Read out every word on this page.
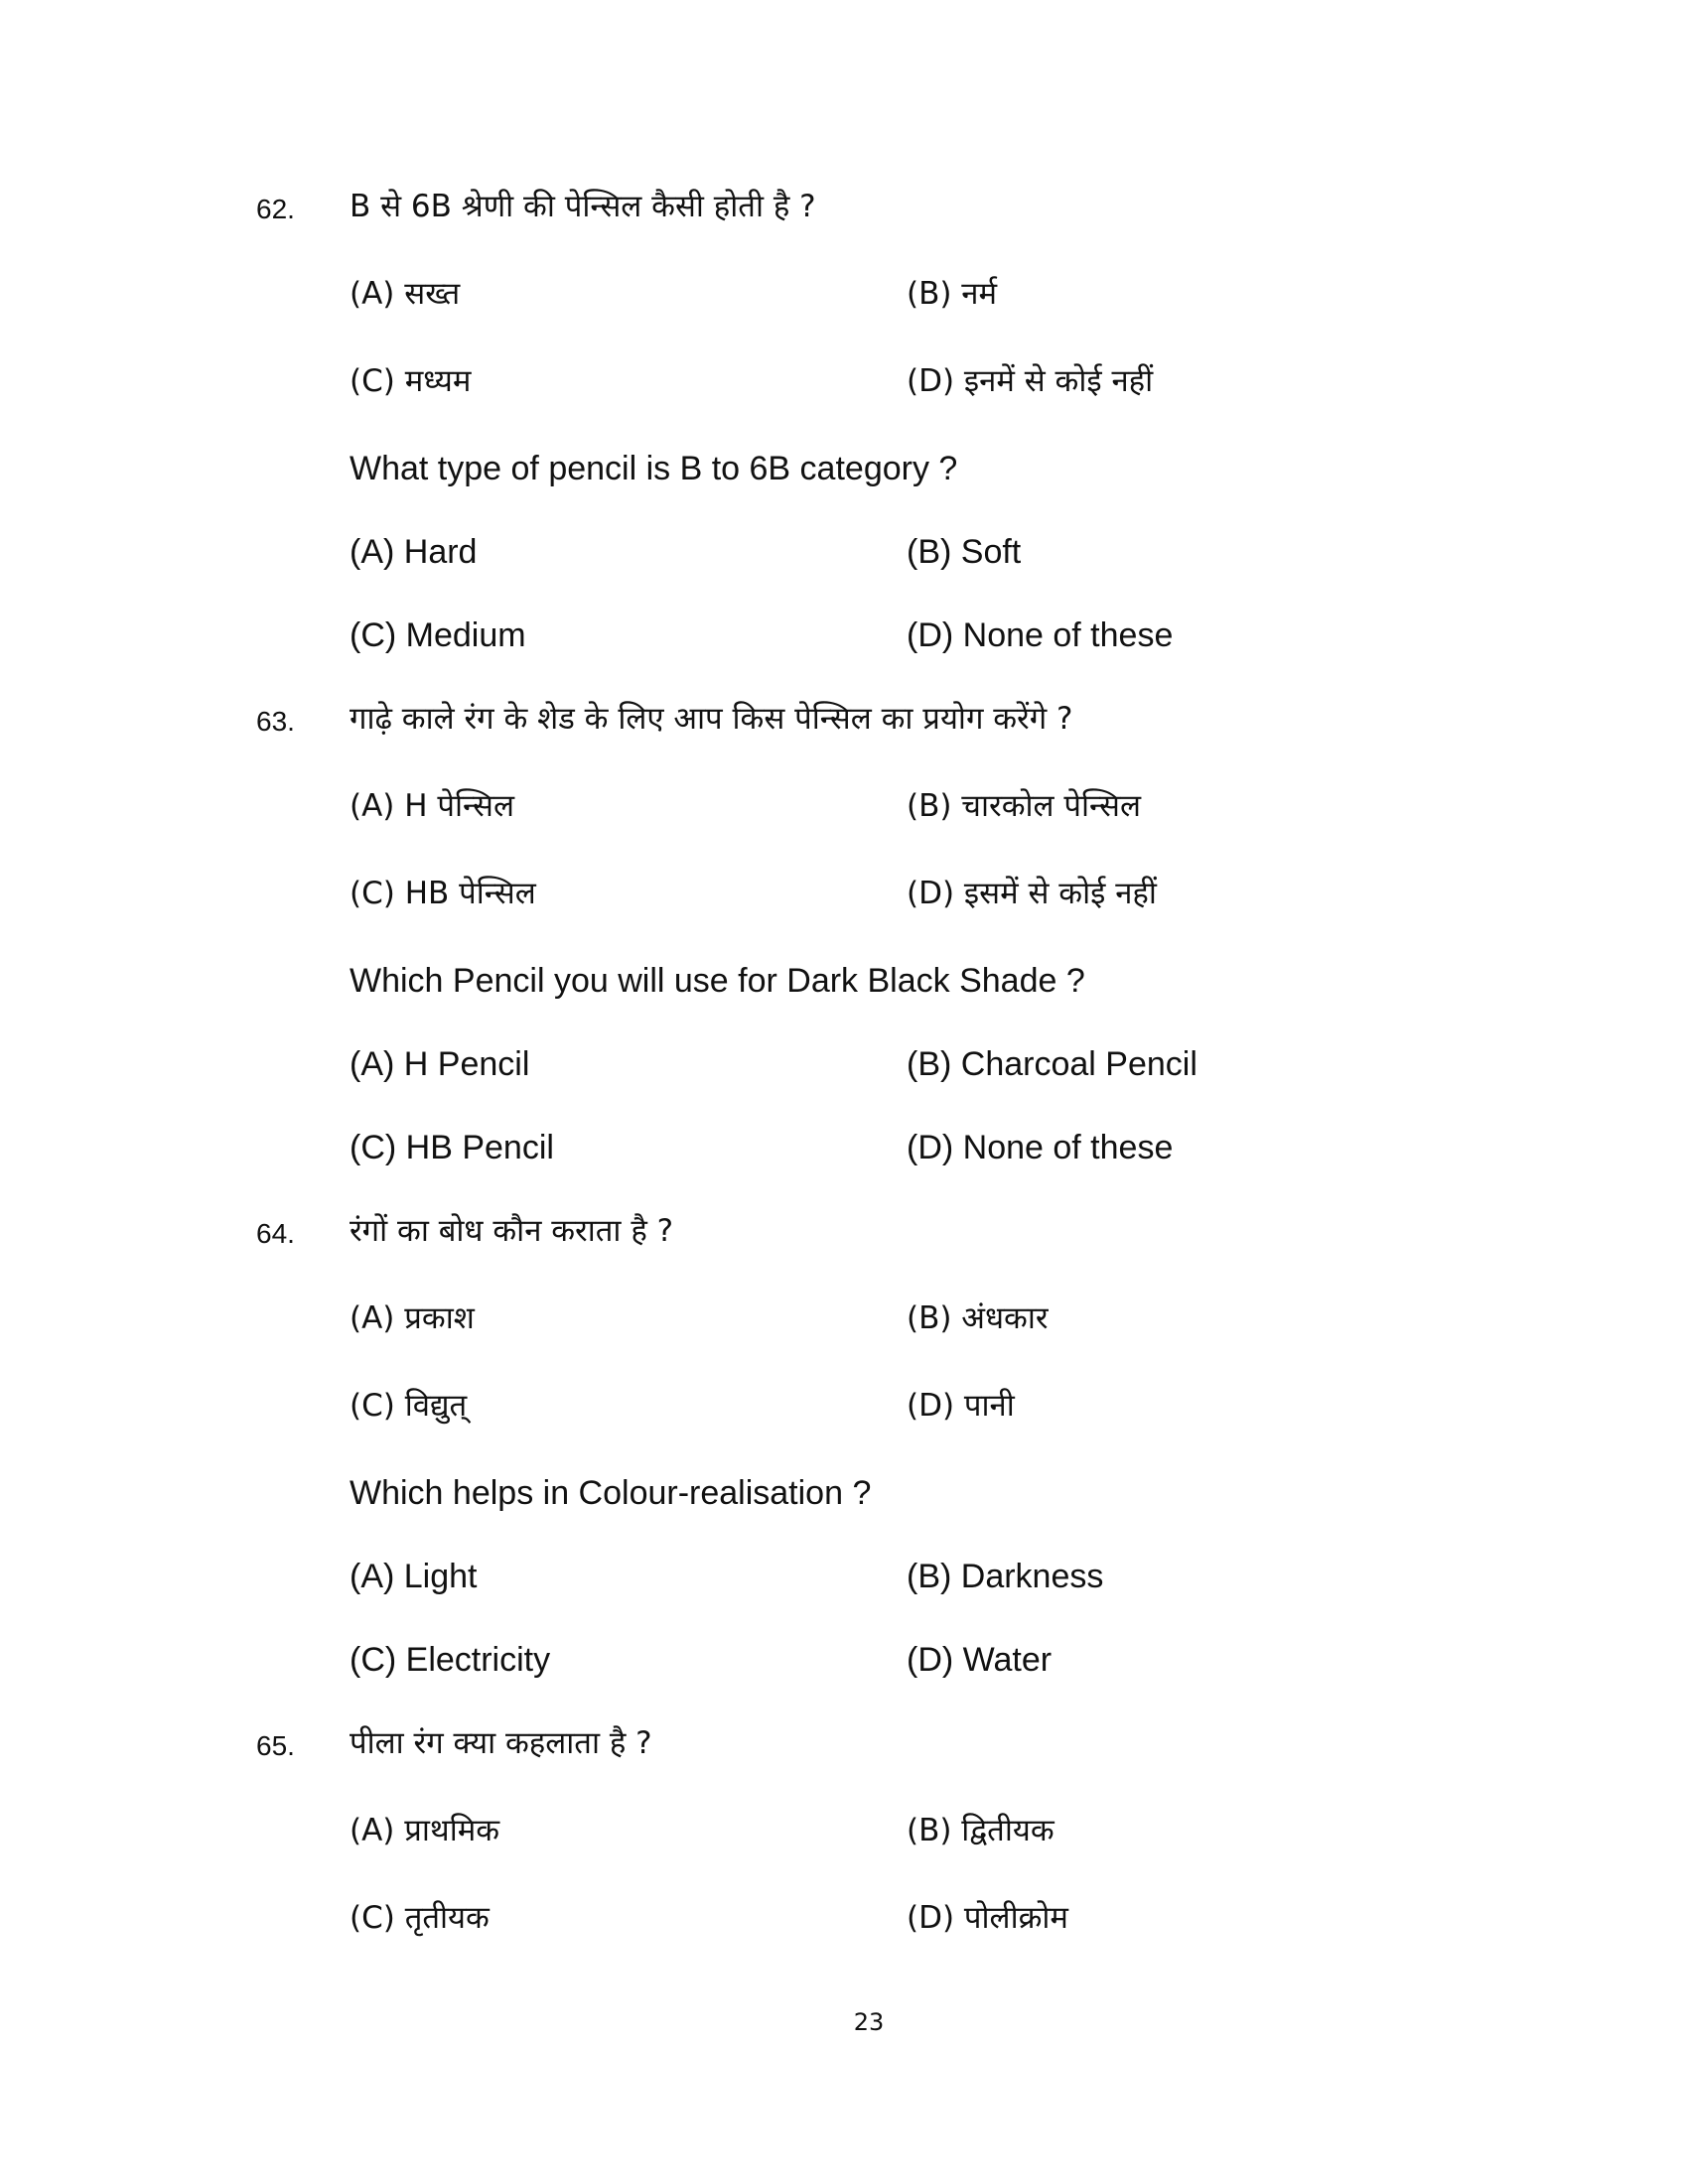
62. B से 6B श्रेणी की पेन्सिल कैसी होती है ?
(A) सख्त	(B) नर्म
(C) मध्यम	(D) इनमें से कोई नहीं
What type of pencil is B to 6B category ?
(A) Hard	(B) Soft
(C) Medium	(D) None of these
63. गाढ़े काले रंग के शेड के लिए आप किस पेन्सिल का प्रयोग करेंगे ?
(A) H पेन्सिल	(B) चारकोल पेन्सिल
(C) HB पेन्सिल	(D) इसमें से कोई नहीं
Which Pencil you will use for Dark Black Shade ?
(A) H Pencil	(B) Charcoal Pencil
(C) HB Pencil	(D) None of these
64. रंगों का बोध कौन कराता है ?
(A) प्रकाश	(B) अंधकार
(C) विद्युत्	(D) पानी
Which helps in Colour-realisation ?
(A) Light	(B) Darkness
(C) Electricity	(D) Water
65. पीला रंग क्या कहलाता है ?
(A) प्राथमिक	(B) द्वितीयक
(C) तृतीयक	(D) पोलीक्रोम
23
